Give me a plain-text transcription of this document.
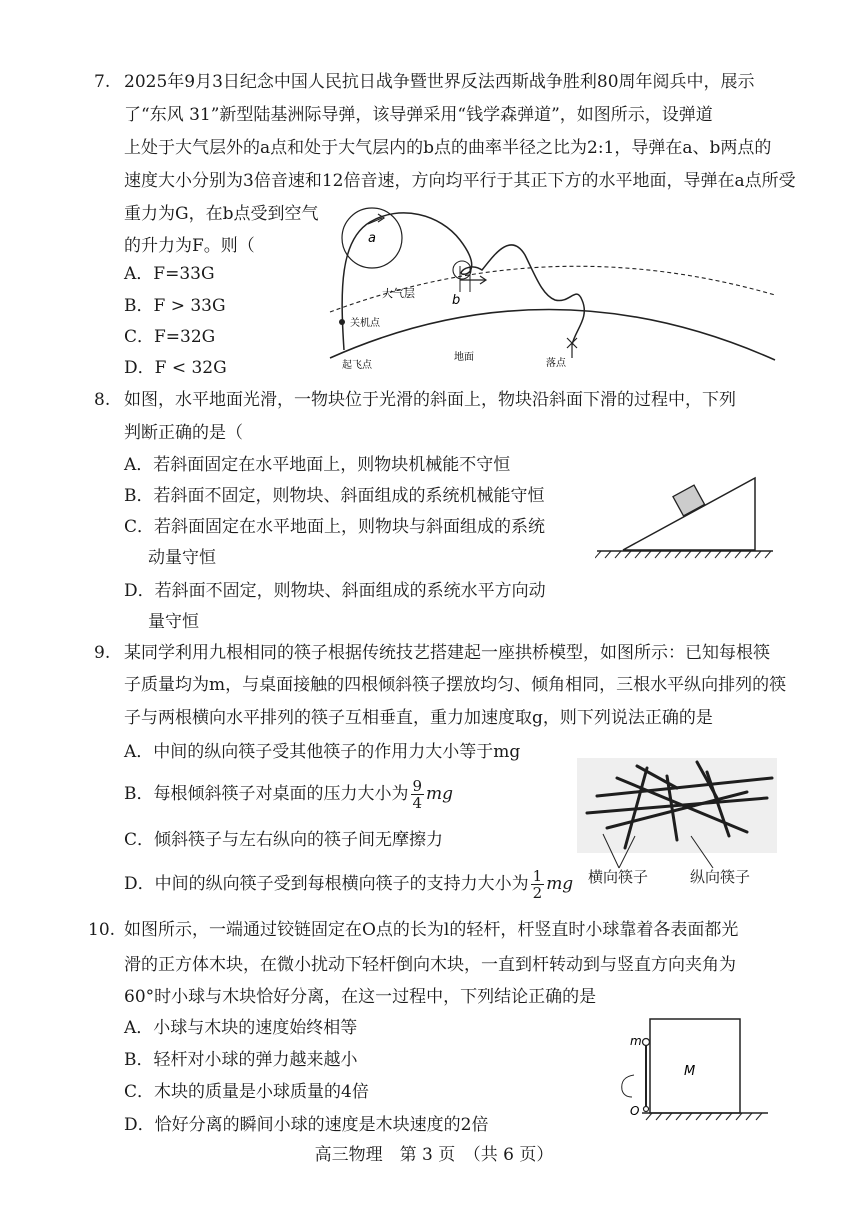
7. 2025年9月3日纪念中国人民抗日战争暨世界反法西斯战争胜利80周年阅兵中，展示
了“东风 31”新型陆基洲际导弹，该导弹采用“钱学森弹道”，如图所示，设弹道
上处于大气层外的a点和处于大气层内的b点的曲率半径之比为2:1，导弹在a、b两点的
速度大小分别为3倍音速和12倍音速，方向均平行于其正下方的水平地面，导弹在a点所受
重力为G，在b点受到空气
的升力为F。则（
A．F=33G
B．F > 33G
C．F=32G
D．F < 32G
a
b
大气层
关机点
起飞点
地面
落点
8. 如图，水平地面光滑，一物块位于光滑的斜面上，物块沿斜面下滑的过程中，下列
判断正确的是（
A．若斜面固定在水平地面上，则物块机械能不守恒
B．若斜面不固定，则物块、斜面组成的系统机械能守恒
C．若斜面固定在水平地面上，则物块与斜面组成的系统
动量守恒
D．若斜面不固定，则物块、斜面组成的系统水平方向动
量守恒
9. 某同学利用九根相同的筷子根据传统技艺搭建起一座拱桥模型，如图所示：已知每根筷
子质量均为m，与桌面接触的四根倾斜筷子摆放均匀、倾角相同，三根水平纵向排列的筷
子与两根横向水平排列的筷子互相垂直，重力加速度取g，则下列说法正确的是
A．中间的纵向筷子受其他筷子的作用力大小等于mg
B．每根倾斜筷子对桌面的压力大小为 $\frac{9}{4}$ mg
C．倾斜筷子与左右纵向的筷子间无摩擦力
D．中间的纵向筷子受到每根横向筷子的支持力大小为 $\frac{1}{2}$ mg 横向筷子	纵向筷子
10. 如图所示，一端通过铰链固定在O点的长为l的轻杆，杆竖直时小球靠着各表面都光
滑的正方体木块，在微小扰动下轻杆倒向木块，一直到杆转动到与竖直方向夹角为
60°时小球与木块恰好分离，在这一过程中，下列结论正确的是
A．小球与木块的速度始终相等
B．轻杆对小球的弹力越来越小
C．木块的质量是小球质量的4倍
D．恰好分离的瞬间小球的速度是木块速度的2倍
m
O
M
高三物理　第 3 页　（共 6 页）
